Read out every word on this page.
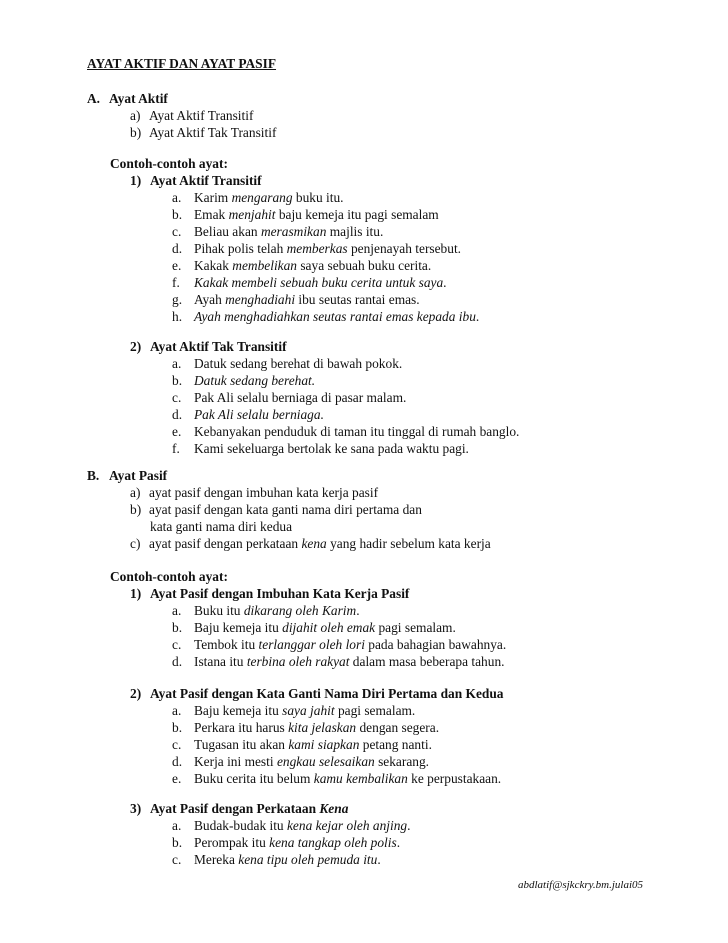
AYAT AKTIF DAN AYAT PASIF
A. Ayat Aktif
a) Ayat Aktif Transitif
b) Ayat Aktif Tak Transitif
Contoh-contoh ayat:
1) Ayat Aktif Transitif
a. Karim mengarang buku itu.
b. Emak menjahit baju kemeja itu pagi semalam
c. Beliau akan merasmikan majlis itu.
d. Pihak polis telah memberkas penjenayah tersebut.
e. Kakak membelikan saya sebuah buku cerita.
f. Kakak membeli sebuah buku cerita untuk saya.
g. Ayah menghadiahi ibu seutas rantai emas.
h. Ayah menghadiahkan seutas rantai emas kepada ibu.
2) Ayat Aktif Tak Transitif
a. Datuk sedang berehat di bawah pokok.
b. Datuk sedang berehat.
c. Pak Ali selalu berniaga di pasar malam.
d. Pak Ali selalu berniaga.
e. Kebanyakan penduduk di taman itu tinggal di rumah banglo.
f. Kami sekeluarga bertolak ke sana pada waktu pagi.
B. Ayat Pasif
a) ayat pasif dengan imbuhan kata kerja pasif
b) ayat pasif dengan kata ganti nama diri pertama dan
kata ganti nama diri kedua
c) ayat pasif dengan perkataan kena yang hadir sebelum kata kerja
Contoh-contoh ayat:
1) Ayat Pasif dengan Imbuhan Kata Kerja Pasif
a. Buku itu dikarang oleh Karim.
b. Baju kemeja itu dijahit oleh emak pagi semalam.
c. Tembok itu terlanggar oleh lori pada bahagian bawahnya.
d. Istana itu terbina oleh rakyat dalam masa beberapa tahun.
2) Ayat Pasif dengan Kata Ganti Nama Diri Pertama dan Kedua
a. Baju kemeja itu saya jahit pagi semalam.
b. Perkara itu harus kita jelaskan dengan segera.
c. Tugasan itu akan kami siapkan petang nanti.
d. Kerja ini mesti engkau selesaikan sekarang.
e. Buku cerita itu belum kamu kembalikan ke perpustakaan.
3) Ayat Pasif dengan Perkataan Kena
a. Budak-budak itu kena kejar oleh anjing.
b. Perompak itu kena tangkap oleh polis.
c. Mereka kena tipu oleh pemuda itu.
abdlatif@sjkckry.bm.julai05
